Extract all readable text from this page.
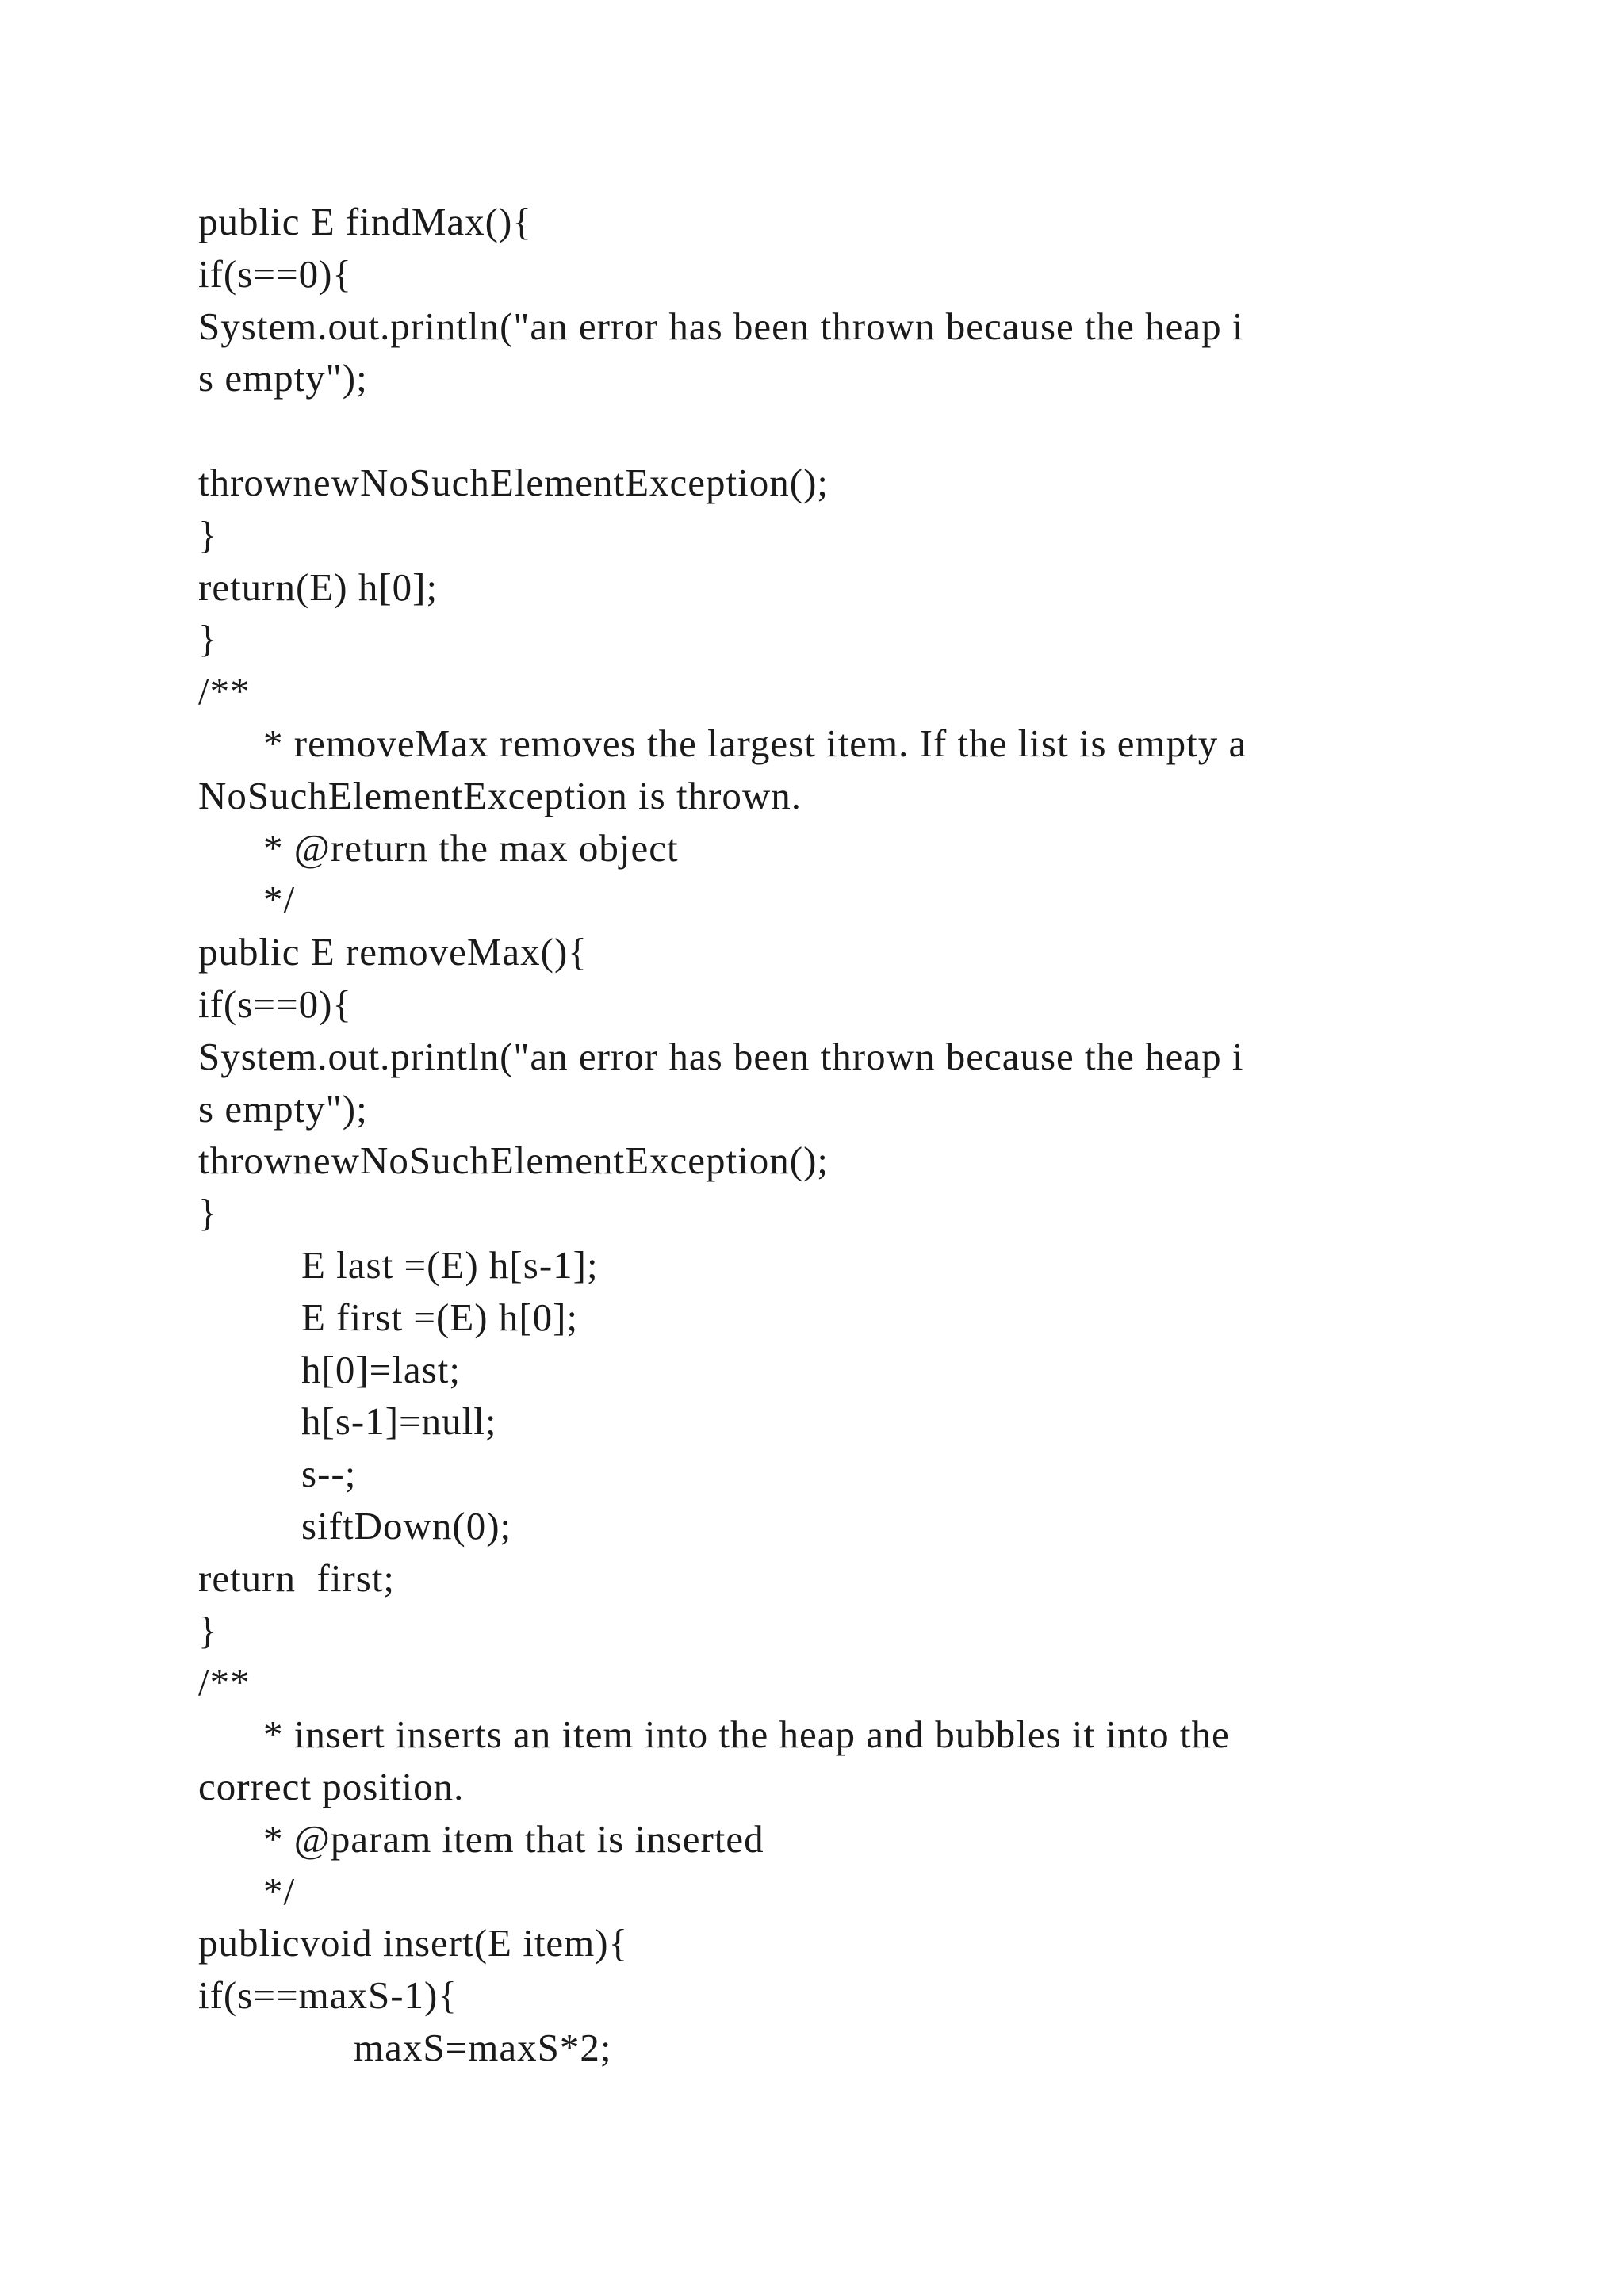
public E findMax(){
if(s==0){
System.out.println("an error has been thrown because the heap i
s empty");
thrownewNoSuchElementException();
}
return(E) h[0];
}
/**
* removeMax removes the largest item. If the list is empty a
NoSuchElementException is thrown.
* @return the max object
*/
public E removeMax(){
if(s==0){
System.out.println("an error has been thrown because the heap i
s empty");
thrownewNoSuchElementException();
}
E last =(E) h[s-1];
E first =(E) h[0];
h[0]=last;
h[s-1]=null;
s--;
siftDown(0);
return  first;
}
/**
* insert inserts an item into the heap and bubbles it into the
correct position.
* @param item that is inserted
*/
publicvoid insert(E item){
if(s==maxS-1){
maxS=maxS*2;
